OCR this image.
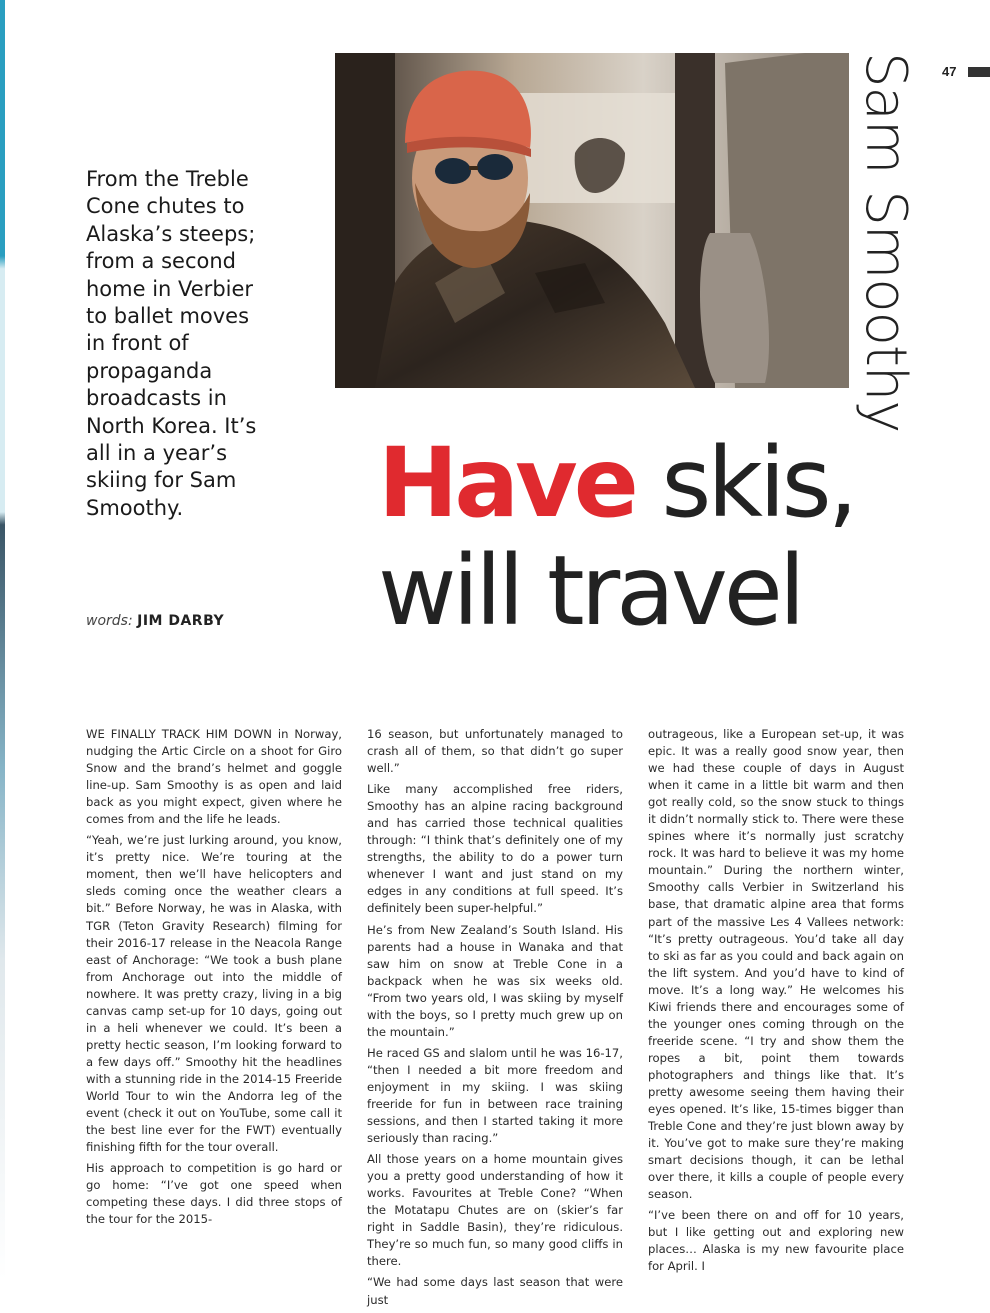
47
Sam Smoothy
From the Treble Cone chutes to Alaska’s steeps; from a second home in Verbier to ballet moves in front of propaganda broadcasts in North Korea. It’s all in a year’s skiing for Sam Smoothy.
words: JIM DARBY
Have skis,
will travel

WE FINALLY TRACK HIM DOWN in Norway, nudging the Artic Circle on a shoot for Giro Snow and the brand’s helmet and goggle line-up. Sam Smoothy is as open and laid back as you might expect, given where he comes from and the life he leads.

“Yeah, we’re just lurking around, you know, it’s pretty nice. We’re touring at the moment, then we’ll have helicopters and sleds coming once the weather clears a bit.” Before Norway, he was in Alaska, with TGR (Teton Gravity Research) filming for their 2016-17 release in the Neacola Range east of Anchorage: “We took a bush plane from Anchorage out into the middle of nowhere. It was pretty crazy, living in a big canvas camp set-up for 10 days, going out in a heli whenever we could. It’s been a pretty hectic season, I’m looking forward to a few days off.” Smoothy hit the headlines with a stunning ride in the 2014-15 Freeride World Tour to win the Andorra leg of the event (check it out on YouTube, some call it the best line ever for the FWT) eventually finishing fifth for the tour overall.

His approach to competition is go hard or go home: “I’ve got one speed when competing these days. I did three stops of the tour for the 2015-

16 season, but unfortunately managed to crash all of them, so that didn’t go super well.”

Like many accomplished free riders, Smoothy has an alpine racing background and has carried those technical qualities through: “I think that’s definitely one of my strengths, the ability to do a power turn whenever I want and just stand on my edges in any conditions at full speed. It’s definitely been super-helpful.”

He’s from New Zealand’s South Island. His parents had a house in Wanaka and that saw him on snow at Treble Cone in a backpack when he was six weeks old. “From two years old, I was skiing by myself with the boys, so I pretty much grew up on the mountain.”

He raced GS and slalom until he was 16-17, “then I needed a bit more freedom and enjoyment in my skiing. I was skiing freeride for fun in between race training sessions, and then I started taking it more seriously than racing.”

All those years on a home mountain gives you a pretty good understanding of how it works. Favourites at Treble Cone? “When the Motatapu Chutes are on (skier’s far right in Saddle Basin), they’re ridiculous. They’re so much fun, so many good cliffs in there.

“We had some days last season that were just

outrageous, like a European set-up, it was epic. It was a really good snow year, then we had these couple of days in August when it came in a little bit warm and then got really cold, so the snow stuck to things it didn’t normally stick to. There were these spines where it’s normally just scratchy rock. It was hard to believe it was my home mountain.” During the northern winter, Smoothy calls Verbier in Switzerland his base, that dramatic alpine area that forms part of the massive Les 4 Vallees network: “It’s pretty outrageous. You’d take all day to ski as far as you could and back again on the lift system. And you’d have to kind of move. It’s a long way.” He welcomes his Kiwi friends there and encourages some of the younger ones coming through on the freeride scene. “I try and show them the ropes a bit, point them towards photographers and things like that. It’s pretty awesome seeing them having their eyes opened. It’s like, 15-times bigger than Treble Cone and they’re just blown away by it. You’ve got to make sure they’re making smart decisions though, it can be lethal over there, it kills a couple of people every season.

“I’ve been there on and off for 10 years, but I like getting out and exploring new places… Alaska is my new favourite place for April. I
